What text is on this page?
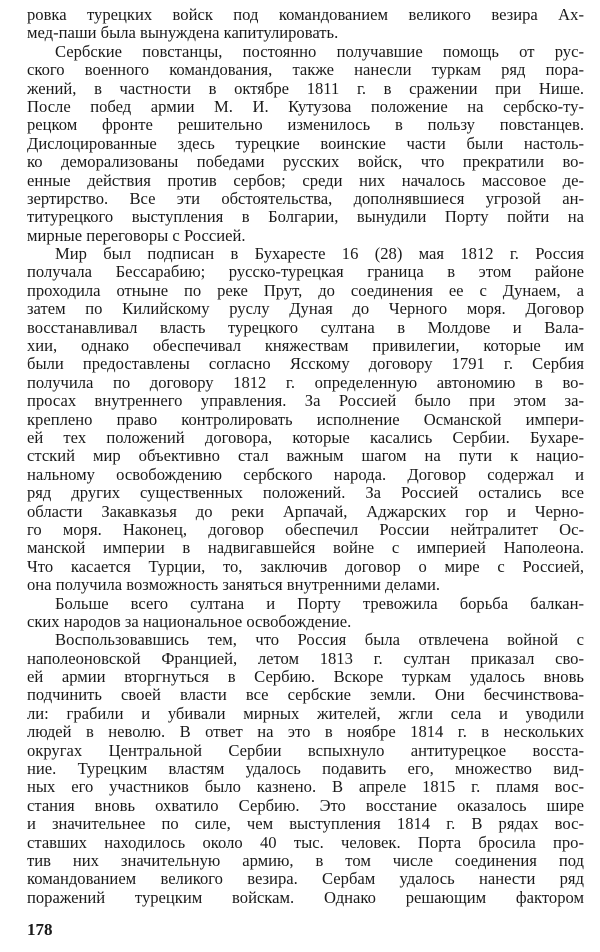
ровка турецких войск под командованием великого везира Ах-
мед-паши была вынуждена капитулировать.
Сербские повстанцы, постоянно получавшие помощь от рус-
ского военного командования, также нанесли туркам ряд пора-
жений, в частности в октябре 1811 г. в сражении при Нише.
После побед армии М. И. Кутузова положение на сербско-ту-
рецком фронте решительно изменилось в пользу повстанцев.
Дислоцированные здесь турецкие воинские части были настоль-
ко деморализованы победами русских войск, что прекратили во-
енные действия против сербов; среди них началось массовое де-
зертирство. Все эти обстоятельства, дополнявшиеся угрозой ан-
титурецкого выступления в Болгарии, вынудили Порту пойти на
мирные переговоры с Россией.
Мир был подписан в Бухаресте 16 (28) мая 1812 г. Россия
получала Бессарабию; русско-турецкая граница в этом районе
проходила отныне по реке Прут, до соединения ее с Дунаем, а
затем по Килийскому руслу Дуная до Черного моря. Договор
восстанавливал власть турецкого султана в Молдове и Вала-
хии, однако обеспечивал княжествам привилегии, которые им
были предоставлены согласно Ясскому договору 1791 г. Сербия
получила по договору 1812 г. определенную автономию в во-
просах внутреннего управления. За Россией было при этом за-
креплено право контролировать исполнение Османской импери-
ей тех положений договора, которые касались Сербии. Бухаре-
стский мир объективно стал важным шагом на пути к нацио-
нальному освобождению сербского народа. Договор содержал и
ряд других существенных положений. За Россией остались все
области Закавказья до реки Арпачай, Аджарских гор и Черно-
го моря. Наконец, договор обеспечил России нейтралитет Ос-
манской империи в надвигавшейся войне с империей Наполеона.
Что касается Турции, то, заключив договор о мире с Россией,
она получила возможность заняться внутренними делами.
Больше всего султана и Порту тревожила борьба балкан-
ских народов за национальное освобождение.
Воспользовавшись тем, что Россия была отвлечена войной с
наполеоновской Францией, летом 1813 г. султан приказал сво-
ей армии вторгнуться в Сербию. Вскоре туркам удалось вновь
подчинить своей власти все сербские земли. Они бесчинствова-
ли: грабили и убивали мирных жителей, жгли села и уводили
людей в неволю. В ответ на это в ноябре 1814 г. в нескольких
округах Центральной Сербии вспыхнуло антитурецкое восста-
ние. Турецким властям удалось подавить его, множество вид-
ных его участников было казнено. В апреле 1815 г. пламя вос-
стания вновь охватило Сербию. Это восстание оказалось шире
и значительнее по силе, чем выступления 1814 г. В рядах вос-
ставших находилось около 40 тыс. человек. Порта бросила про-
тив них значительную армию, в том числе соединения под
командованием великого везира. Сербам удалось нанести ряд
поражений турецким войскам. Однако решающим фактором
178
